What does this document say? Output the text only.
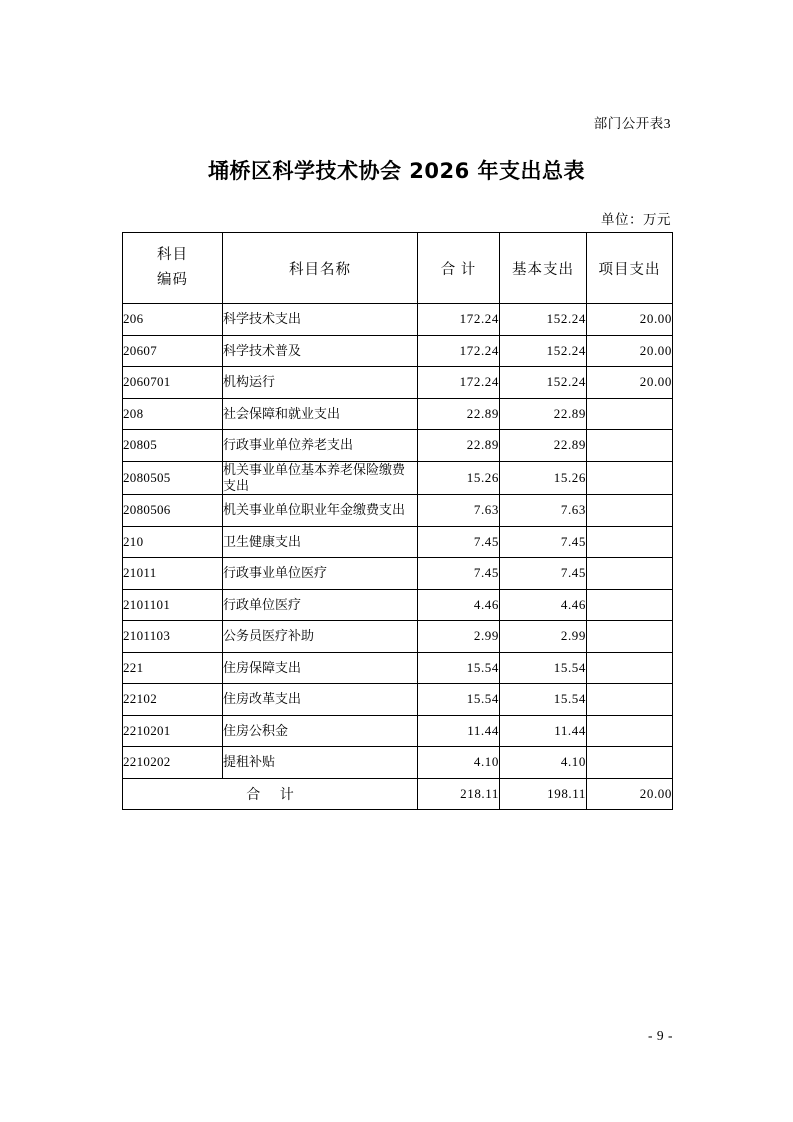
部门公开表3
埇桥区科学技术协会 2026 年支出总表
单位：万元
科目
编码	科目名称	合 计	基本支出	项目支出
206	科学技术支出	172.24	152.24	20.00
20607	科学技术普及	172.24	152.24	20.00
2060701	机构运行	172.24	152.24	20.00
208	社会保障和就业支出	22.89	22.89	
20805	行政事业单位养老支出	22.89	22.89	
2080505	机关事业单位基本养老保险缴费支出	15.26	15.26	
2080506	机关事业单位职业年金缴费支出	7.63	7.63	
210	卫生健康支出	7.45	7.45	
21011	行政事业单位医疗	7.45	7.45	
2101101	行政单位医疗	4.46	4.46	
2101103	公务员医疗补助	2.99	2.99	
221	住房保障支出	15.54	15.54	
22102	住房改革支出	15.54	15.54	
2210201	住房公积金	11.44	11.44	
2210202	提租补贴	4.10	4.10	
合 计		218.11	198.11	20.00
- 9 -
